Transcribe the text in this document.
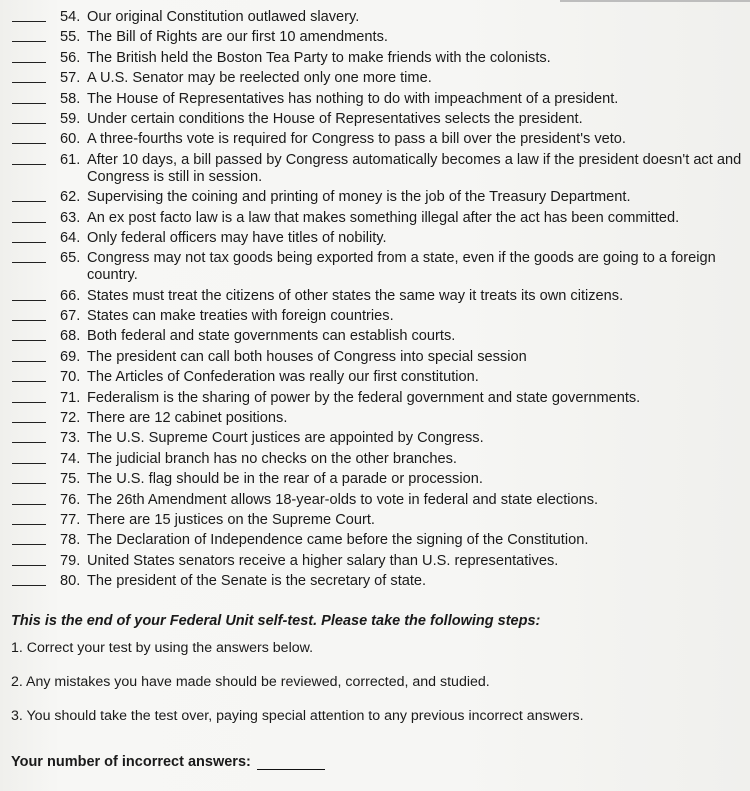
54. Our original Constitution outlawed slavery.
55. The Bill of Rights are our first 10 amendments.
56. The British held the Boston Tea Party to make friends with the colonists.
57. A U.S. Senator may be reelected only one more time.
58. The House of Representatives has nothing to do with impeachment of a president.
59. Under certain conditions the House of Representatives selects the president.
60. A three-fourths vote is required for Congress to pass a bill over the president's veto.
61. After 10 days, a bill passed by Congress automatically becomes a law if the president doesn't act and Congress is still in session.
62. Supervising the coining and printing of money is the job of the Treasury Department.
63. An ex post facto law is a law that makes something illegal after the act has been committed.
64. Only federal officers may have titles of nobility.
65. Congress may not tax goods being exported from a state, even if the goods are going to a foreign country.
66. States must treat the citizens of other states the same way it treats its own citizens.
67. States can make treaties with foreign countries.
68. Both federal and state governments can establish courts.
69. The president can call both houses of Congress into special session
70. The Articles of Confederation was really our first constitution.
71. Federalism is the sharing of power by the federal government and state governments.
72. There are 12 cabinet positions.
73. The U.S. Supreme Court justices are appointed by Congress.
74. The judicial branch has no checks on the other branches.
75. The U.S. flag should be in the rear of a parade or procession.
76. The 26th Amendment allows 18-year-olds to vote in federal and state elections.
77. There are 15 justices on the Supreme Court.
78. The Declaration of Independence came before the signing of the Constitution.
79. United States senators receive a higher salary than U.S. representatives.
80. The president of the Senate is the secretary of state.
This is the end of your Federal Unit self-test. Please take the following steps:
1. Correct your test by using the answers below.
2. Any mistakes you have made should be reviewed, corrected, and studied.
3. You should take the test over, paying special attention to any previous incorrect answers.
Your number of incorrect answers:
